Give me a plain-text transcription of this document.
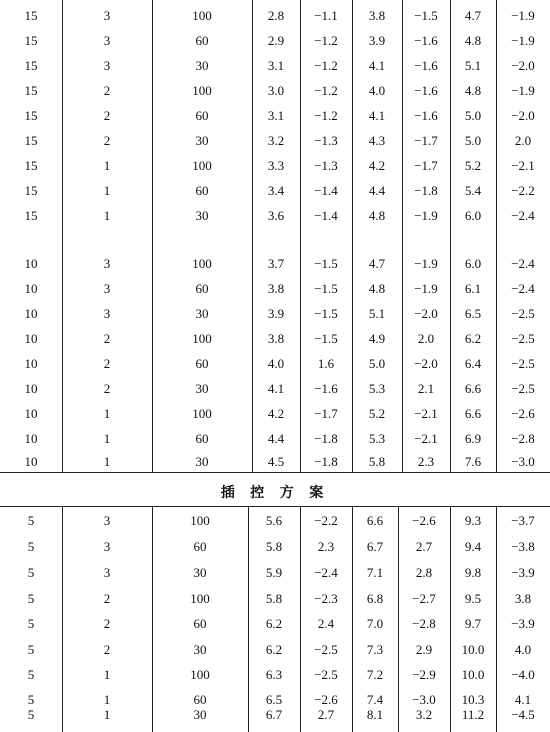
插 控 方 案
15	3	100	2.8	−1.1	3.8	−1.5	4.7	−1.9
15	3	60	2.9	−1.2	3.9	−1.6	4.8	−1.9
15	3	30	3.1	−1.2	4.1	−1.6	5.1	−2.0
15	2	100	3.0	−1.2	4.0	−1.6	4.8	−1.9
15	2	60	3.1	−1.2	4.1	−1.6	5.0	−2.0
15	2	30	3.2	−1.3	4.3	−1.7	5.0	2.0
15	1	100	3.3	−1.3	4.2	−1.7	5.2	−2.1
15	1	60	3.4	−1.4	4.4	−1.8	5.4	−2.2
15	1	30	3.6	−1.4	4.8	−1.9	6.0	−2.4
10	3	100	3.7	−1.5	4.7	−1.9	6.0	−2.4
10	3	60	3.8	−1.5	4.8	−1.9	6.1	−2.4
10	3	30	3.9	−1.5	5.1	−2.0	6.5	−2.5
10	2	100	3.8	−1.5	4.9	2.0	6.2	−2.5
10	2	60	4.0	1.6	5.0	−2.0	6.4	−2.5
10	2	30	4.1	−1.6	5.3	2.1	6.6	−2.5
10	1	100	4.2	−1.7	5.2	−2.1	6.6	−2.6
10	1	60	4.4	−1.8	5.3	−2.1	6.9	−2.8
10	1	30	4.5	−1.8	5.8	2.3	7.6	−3.0
5	3	100	5.6	−2.2	6.6	−2.6	9.3	−3.7
5	3	60	5.8	2.3	6.7	2.7	9.4	−3.8
5	3	30	5.9	−2.4	7.1	2.8	9.8	−3.9
5	2	100	5.8	−2.3	6.8	−2.7	9.5	3.8
5	2	60	6.2	2.4	7.0	−2.8	9.7	−3.9
5	2	30	6.2	−2.5	7.3	2.9	10.0	4.0
5	1	100	6.3	−2.5	7.2	−2.9	10.0	−4.0
5	1	60	6.5	−2.6	7.4	−3.0	10.3	4.1
5	1	30	6.7	2.7	8.1	3.2	11.2	−4.5
